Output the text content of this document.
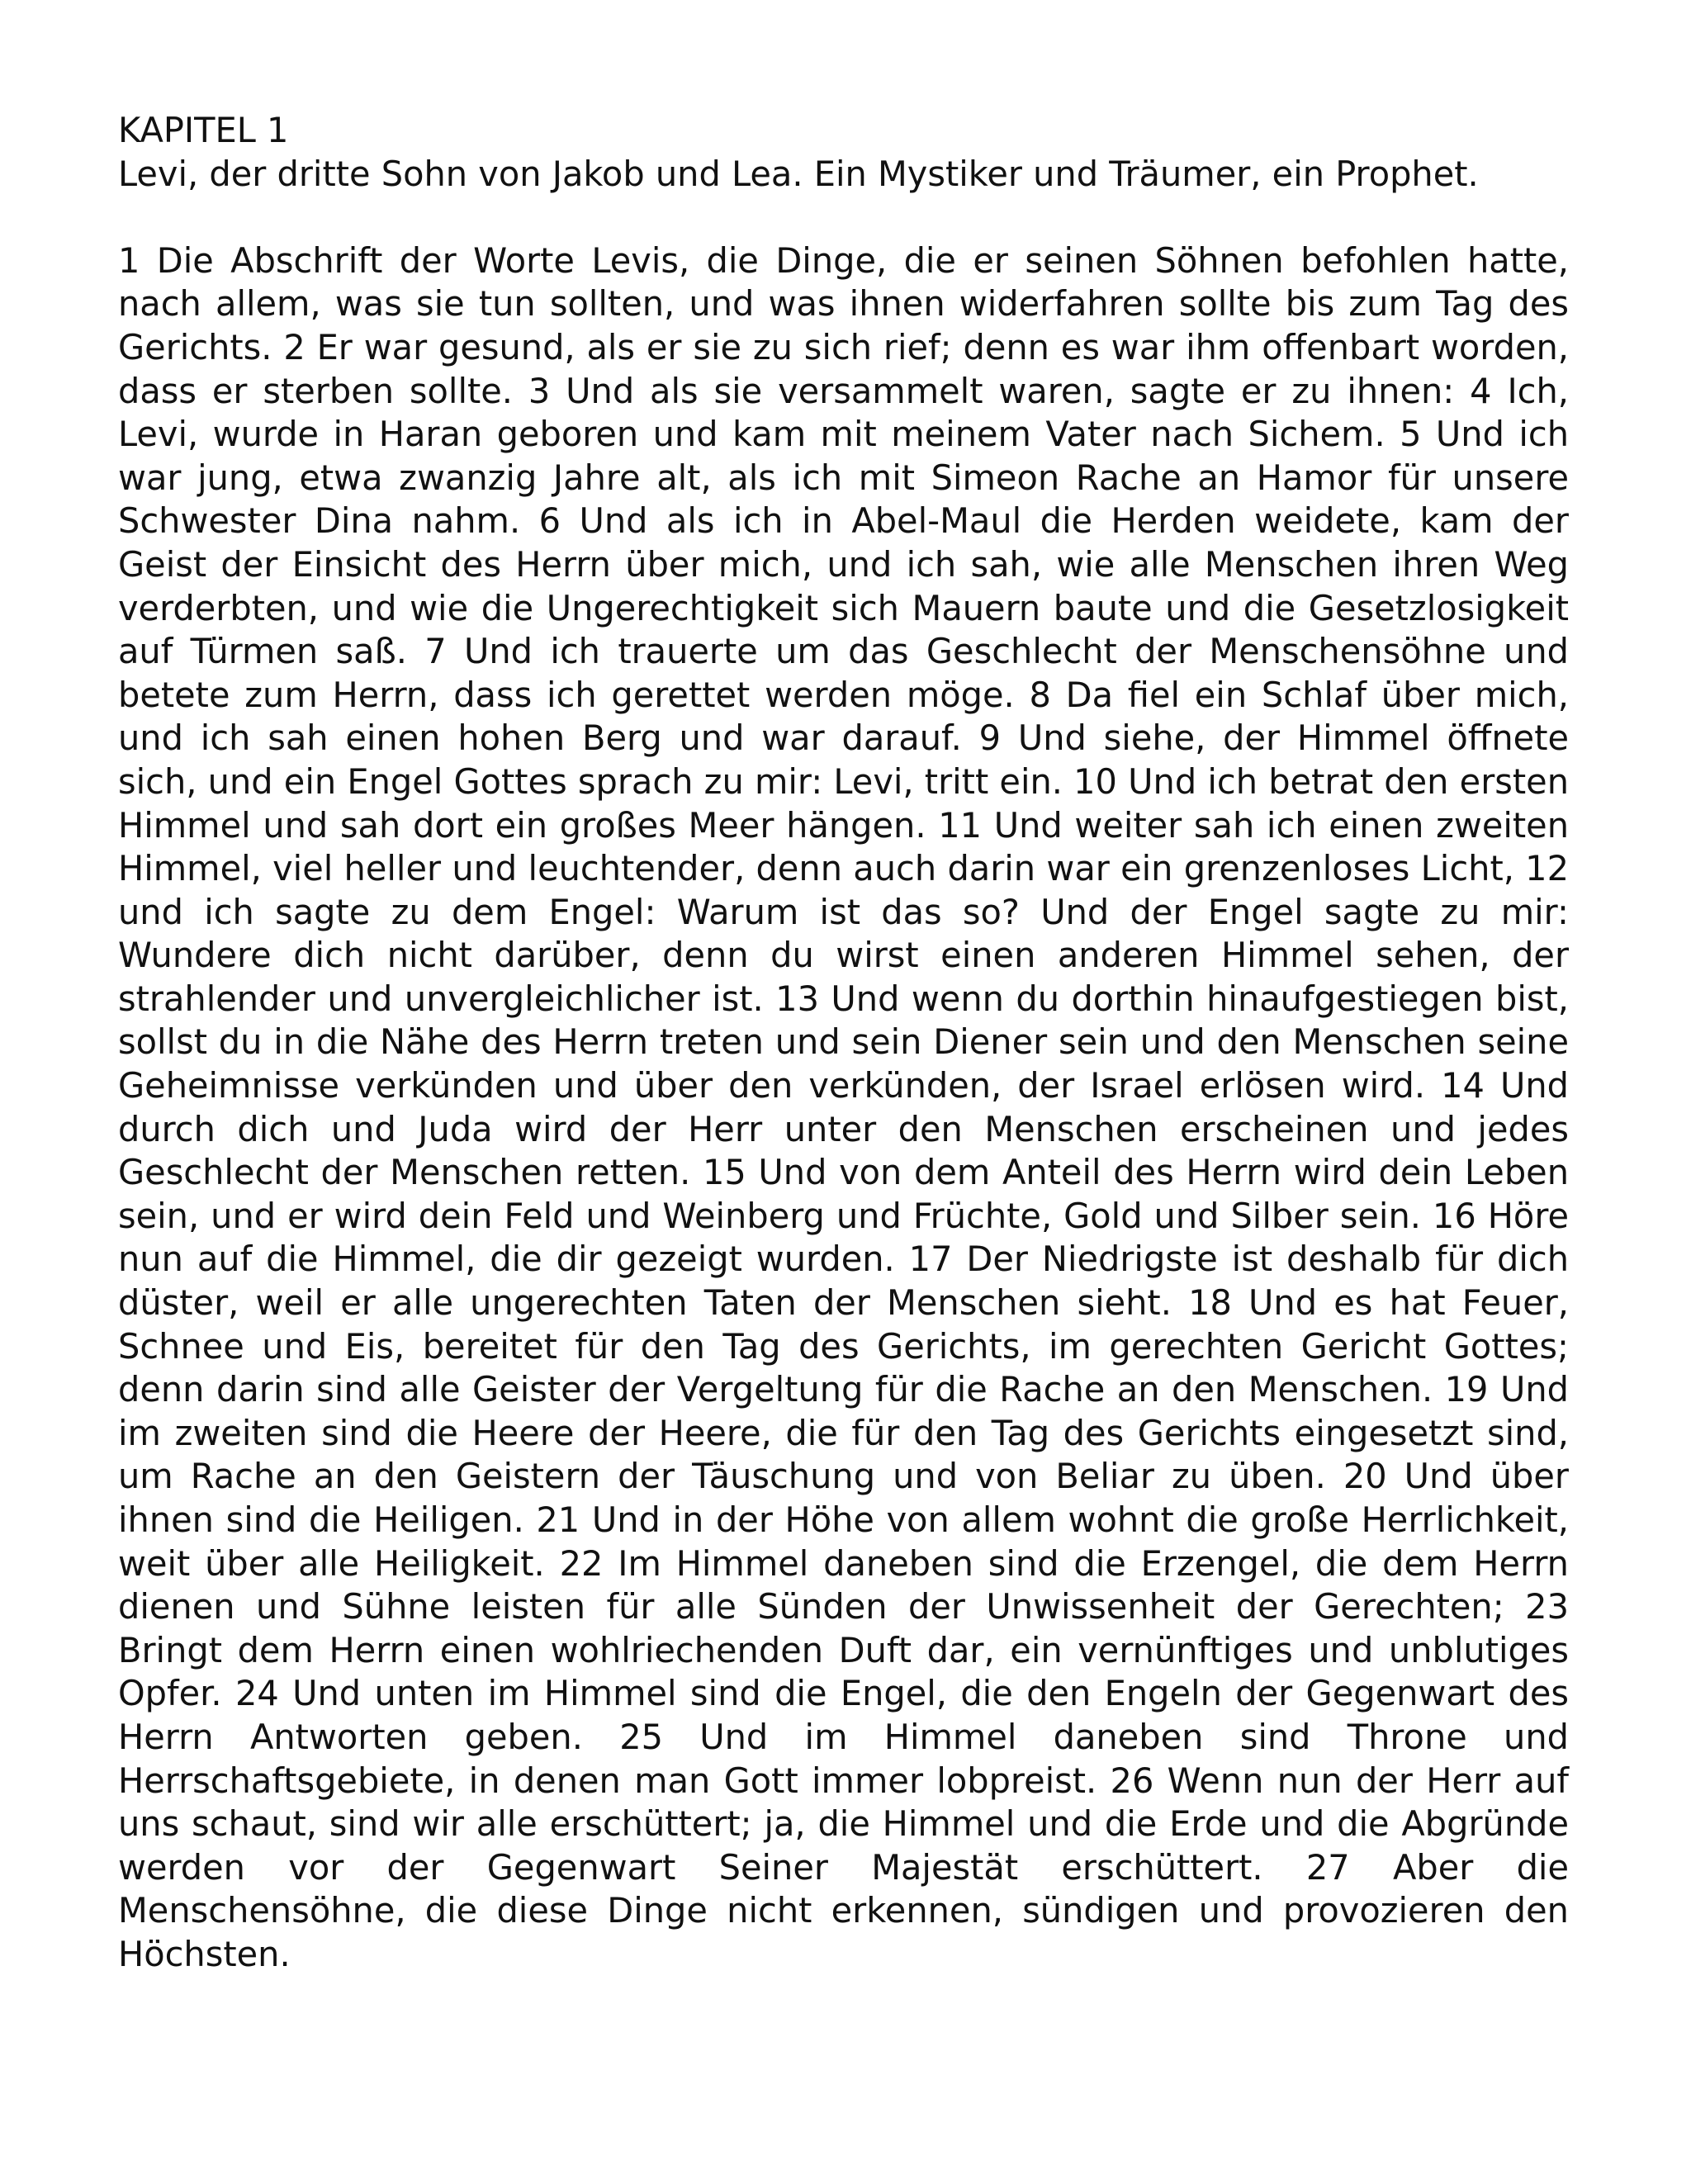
KAPITEL 1
Levi, der dritte Sohn von Jakob und Lea. Ein Mystiker und Träumer, ein Prophet.
1 Die Abschrift der Worte Levis, die Dinge, die er seinen Söhnen befohlen hatte, nach allem, was sie tun sollten, und was ihnen widerfahren sollte bis zum Tag des Gerichts. 2 Er war gesund, als er sie zu sich rief; denn es war ihm offenbart worden, dass er sterben sollte. 3 Und als sie versammelt waren, sagte er zu ihnen: 4 Ich, Levi, wurde in Haran geboren und kam mit meinem Vater nach Sichem. 5 Und ich war jung, etwa zwanzig Jahre alt, als ich mit Simeon Rache an Hamor für unsere Schwester Dina nahm. 6 Und als ich in Abel-Maul die Herden weidete, kam der Geist der Einsicht des Herrn über mich, und ich sah, wie alle Menschen ihren Weg verderbten, und wie die Ungerechtigkeit sich Mauern baute und die Gesetzlosigkeit auf Türmen saß. 7 Und ich trauerte um das Geschlecht der Menschensöhne und betete zum Herrn, dass ich gerettet werden möge. 8 Da fiel ein Schlaf über mich, und ich sah einen hohen Berg und war darauf. 9 Und siehe, der Himmel öffnete sich, und ein Engel Gottes sprach zu mir: Levi, tritt ein. 10 Und ich betrat den ersten Himmel und sah dort ein großes Meer hängen. 11 Und weiter sah ich einen zweiten Himmel, viel heller und leuchtender, denn auch darin war ein grenzenloses Licht, 12 und ich sagte zu dem Engel: Warum ist das so? Und der Engel sagte zu mir: Wundere dich nicht darüber, denn du wirst einen anderen Himmel sehen, der strahlender und unvergleichlicher ist. 13 Und wenn du dorthin hinaufgestiegen bist, sollst du in die Nähe des Herrn treten und sein Diener sein und den Menschen seine Geheimnisse verkünden und über den verkünden, der Israel erlösen wird. 14 Und durch dich und Juda wird der Herr unter den Menschen erscheinen und jedes Geschlecht der Menschen retten. 15 Und von dem Anteil des Herrn wird dein Leben sein, und er wird dein Feld und Weinberg und Früchte, Gold und Silber sein. 16 Höre nun auf die Himmel, die dir gezeigt wurden. 17 Der Niedrigste ist deshalb für dich düster, weil er alle ungerechten Taten der Menschen sieht. 18 Und es hat Feuer, Schnee und Eis, bereitet für den Tag des Gerichts, im gerechten Gericht Gottes; denn darin sind alle Geister der Vergeltung für die Rache an den Menschen. 19 Und im zweiten sind die Heere der Heere, die für den Tag des Gerichts eingesetzt sind, um Rache an den Geistern der Täuschung und von Beliar zu üben. 20 Und über ihnen sind die Heiligen. 21 Und in der Höhe von allem wohnt die große Herrlichkeit, weit über alle Heiligkeit. 22 Im Himmel daneben sind die Erzengel, die dem Herrn dienen und Sühne leisten für alle Sünden der Unwissenheit der Gerechten; 23 Bringt dem Herrn einen wohlriechenden Duft dar, ein vernünftiges und unblutiges Opfer. 24 Und unten im Himmel sind die Engel, die den Engeln der Gegenwart des Herrn Antworten geben. 25 Und im Himmel daneben sind Throne und Herrschaftsgebiete, in denen man Gott immer lobpreist. 26 Wenn nun der Herr auf uns schaut, sind wir alle erschüttert; ja, die Himmel und die Erde und die Abgründe werden vor der Gegenwart Seiner Majestät erschüttert. 27 Aber die Menschensöhne, die diese Dinge nicht erkennen, sündigen und provozieren den Höchsten.
